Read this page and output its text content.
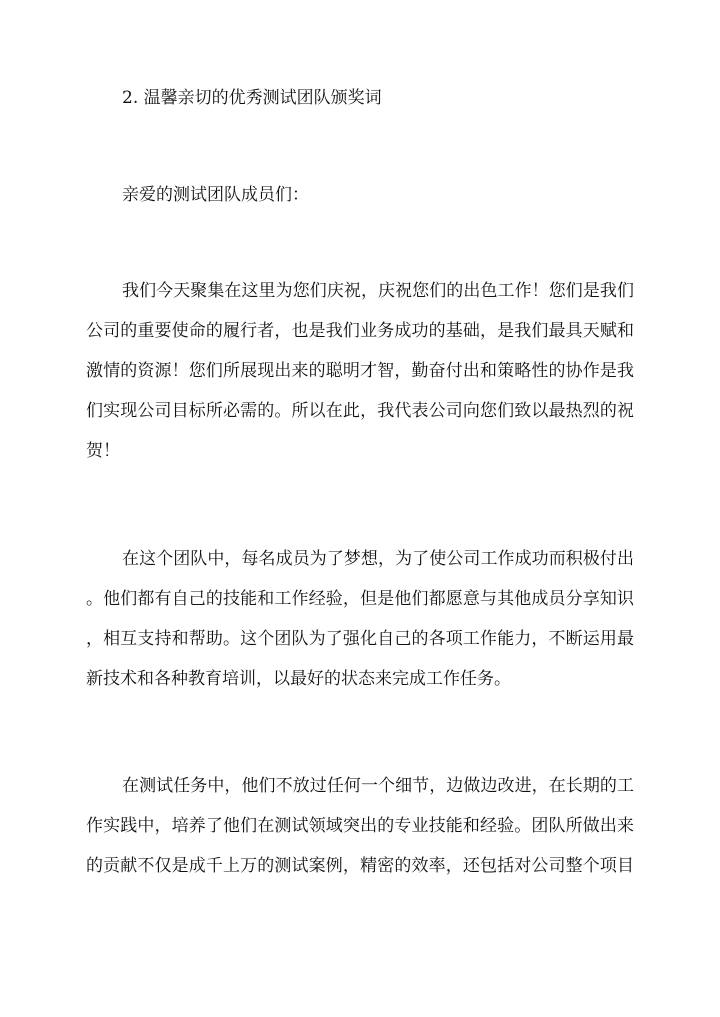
2. 温馨亲切的优秀测试团队颁奖词
亲爱的测试团队成员们：
我们今天聚集在这里为您们庆祝，庆祝您们的出色工作！您们是我们
公司的重要使命的履行者，也是我们业务成功的基础，是我们最具天赋和
激情的资源！您们所展现出来的聪明才智，勤奋付出和策略性的协作是我
们实现公司目标所必需的。所以在此，我代表公司向您们致以最热烈的祝
贺！
在这个团队中，每名成员为了梦想，为了使公司工作成功而积极付出
。他们都有自己的技能和工作经验，但是他们都愿意与其他成员分享知识
，相互支持和帮助。这个团队为了强化自己的各项工作能力，不断运用最
新技术和各种教育培训，以最好的状态来完成工作任务。
在测试任务中，他们不放过任何一个细节，边做边改进，在长期的工
作实践中，培养了他们在测试领域突出的专业技能和经验。团队所做出来
的贡献不仅是成千上万的测试案例，精密的效率，还包括对公司整个项目
